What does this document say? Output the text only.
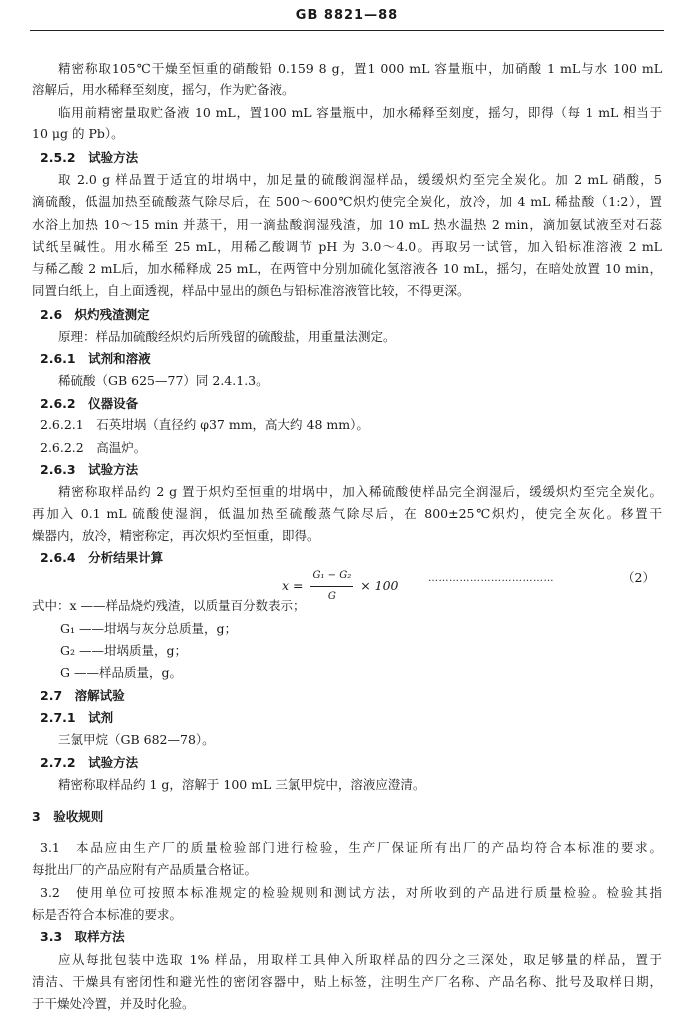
GB 8821—88
精密称取105℃干燥至恒重的硝酸铅 0.159 8 g，置1 000 mL 容量瓶中，加硝酸 1 mL与水 100 mL
溶解后，用水稀释至刻度，摇匀，作为贮备液。
临用前精密量取贮备液 10 mL，置100 mL 容量瓶中，加水稀释至刻度，摇匀，即得（每 1 mL 相当于
10 μg 的 Pb）。
2.5.2　试验方法
取 2.0 g 样品置于适宜的坩埚中，加足量的硫酸润湿样品，缓缓炽灼至完全炭化。加 2 mL 硝酸，5
滴硫酸，低温加热至硫酸蒸气除尽后，在 500～600℃炽灼使完全炭化，放冷，加 4 mL 稀盐酸（1:2），置
水浴上加热 10～15 min 并蒸干，用一滴盐酸润湿残渣，加 10 mL 热水温热 2 min，滴加氨试液至对石蕊
试纸呈碱性。用水稀至 25 mL，用稀乙酸调节 pH 为 3.0～4.0。再取另一试管，加入铅标准溶液 2 mL
与稀乙酸 2 mL后，加水稀释成 25 mL，在两管中分别加硫化氢溶液各 10 mL，摇匀，在暗处放置 10 min，
同置白纸上，自上面透视，样品中显出的颜色与铅标准溶液管比较，不得更深。
2.6　炽灼残渣测定
原理：样品加硫酸经炽灼后所残留的硫酸盐，用重量法测定。
2.6.1　试剂和溶液
稀硫酸（GB 625—77）同 2.4.1.3。
2.6.2　仪器设备
2.6.2.1　石英坩埚（直径约 φ37 mm，高大约 48 mm）。
2.6.2.2　高温炉。
2.6.3　试验方法
精密称取样品约 2 g 置于炽灼至恒重的坩埚中，加入稀硫酸使样品完全润湿后，缓缓炽灼至完全炭化。
再加入 0.1 mL 硫酸使湿润，低温加热至硫酸蒸气除尽后，在 800±25℃炽灼，使完全灰化。移置干
燥器内，放冷，精密称定，再次炽灼至恒重，即得。
2.6.4　分析结果计算
$x = \frac{\text{G₁ − G₂}}{G} \times 100$	………………………………	（2）
式中：x ——样品烧灼残渣，以质量百分数表示；
G₁ ——坩埚与灰分总质量，g；
G₂ ——坩埚质量，g；
G ——样品质量，g。
2.7　溶解试验
2.7.1　试剂
三氯甲烷（GB 682—78）。
2.7.2　试验方法
精密称取样品约 1 g，溶解于 100 mL 三氯甲烷中，溶液应澄清。
3　验收规则
3.1　本品应由生产厂的质量检验部门进行检验，生产厂保证所有出厂的产品均符合本标准的要求。
每批出厂的产品应附有产品质量合格证。
3.2　使用单位可按照本标准规定的检验规则和测试方法，对所收到的产品进行质量检验。检验其指
标是否符合本标准的要求。
3.3　取样方法
应从每批包装中选取 1% 样品，用取样工具伸入所取样品的四分之三深处，取足够量的样品，置于
清洁、干燥具有密闭性和避光性的密闭容器中，贴上标签，注明生产厂名称、产品名称、批号及取样日期，
于干燥处冷置，并及时化验。
